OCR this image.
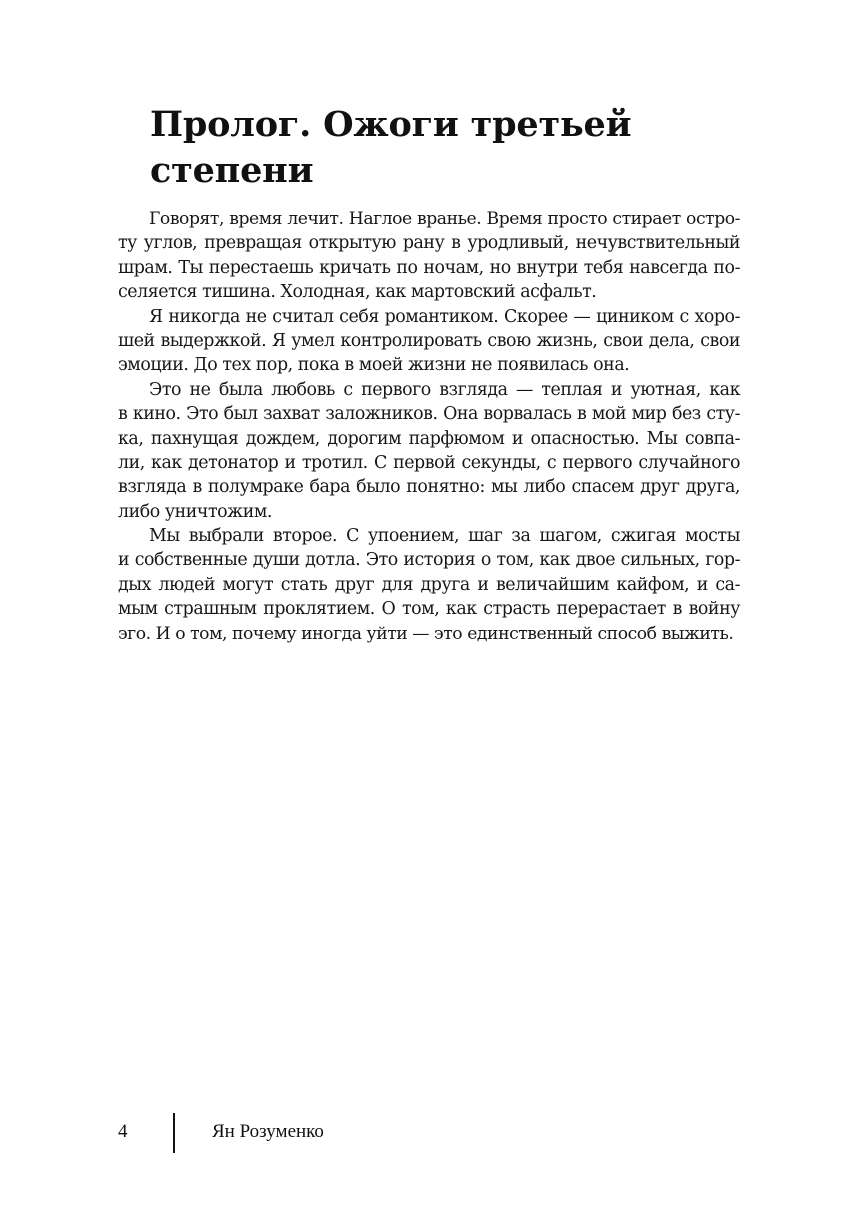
Пролог. Ожоги третьей
степени
Говорят, время лечит. Наглое вранье. Время просто стирает остро-
ту углов, превращая открытую рану в уродливый, нечувствительный
шрам. Ты перестаешь кричать по ночам, но внутри тебя навсегда по-
селяется тишина. Холодная, как мартовский асфальт.
Я никогда не считал себя романтиком. Скорее — циником с хоро-
шей выдержкой. Я умел контролировать свою жизнь, свои дела, свои
эмоции. До тех пор, пока в моей жизни не появилась она.
Это не была любовь с первого взгляда — теплая и уютная, как
в кино. Это был захват заложников. Она ворвалась в мой мир без сту-
ка, пахнущая дождем, дорогим парфюмом и опасностью. Мы совпа-
ли, как детонатор и тротил. С первой секунды, с первого случайного
взгляда в полумраке бара было понятно: мы либо спасем друг друга,
либо уничтожим.
Мы выбрали второе. С упоением, шаг за шагом, сжигая мосты
и собственные души дотла. Это история о том, как двое сильных, гор-
дых людей могут стать друг для друга и величайшим кайфом, и са-
мым страшным проклятием. О том, как страсть перерастает в войну
эго. И о том, почему иногда уйти — это единственный способ выжить.
4	Ян Розуменко
